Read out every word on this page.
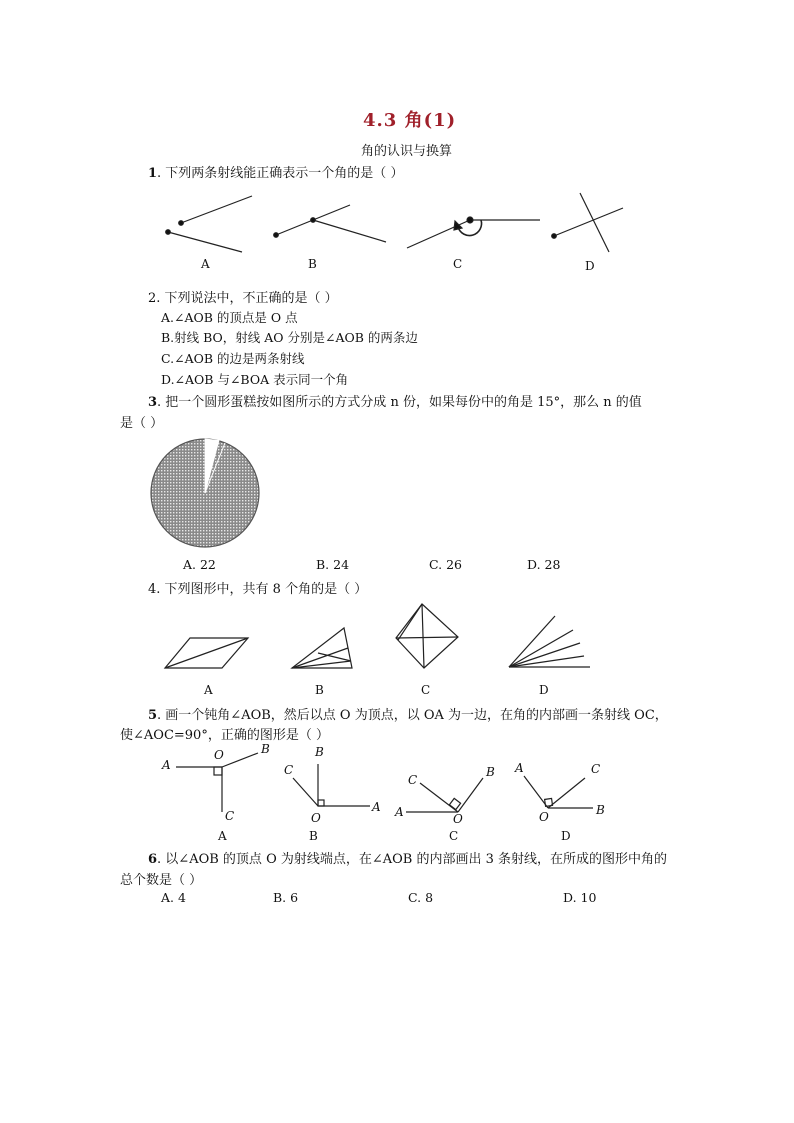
4.3 角(1)
角的认识与换算
1. 下列两条射线能正确表示一个角的是（ ）
A	B	C	D
2. 下列说法中，不正确的是（ ）
A.∠AOB 的顶点是 O 点
B.射线 BO，射线 AO 分别是∠AOB 的两条边
C.∠AOB 的边是两条射线
D.∠AOB 与∠BOA 表示同一个角
3. 把一个圆形蛋糕按如图所示的方式分成 n 份，如果每份中的角是 15°，那么 n 的值
是（ ）
A. 22	B. 24	C. 26	D. 28
4. 下列图形中，共有 8 个角的是（ ）
A	B	C	D
5. 画一个钝角∠AOB，然后以点 O 为顶点，以 OA 为一边，在角的内部画一条射线 OC，
使∠AOC=90°，正确的图形是（ ）
A
O	B
C
B
C
A
O
C
B
A	O
A	C
O	B
A	B	C	D
6. 以∠AOB 的顶点 O 为射线端点，在∠AOB 的内部画出 3 条射线，在所成的图形中角的
总个数是（ ）
A. 4	B. 6	C. 8	D. 10
